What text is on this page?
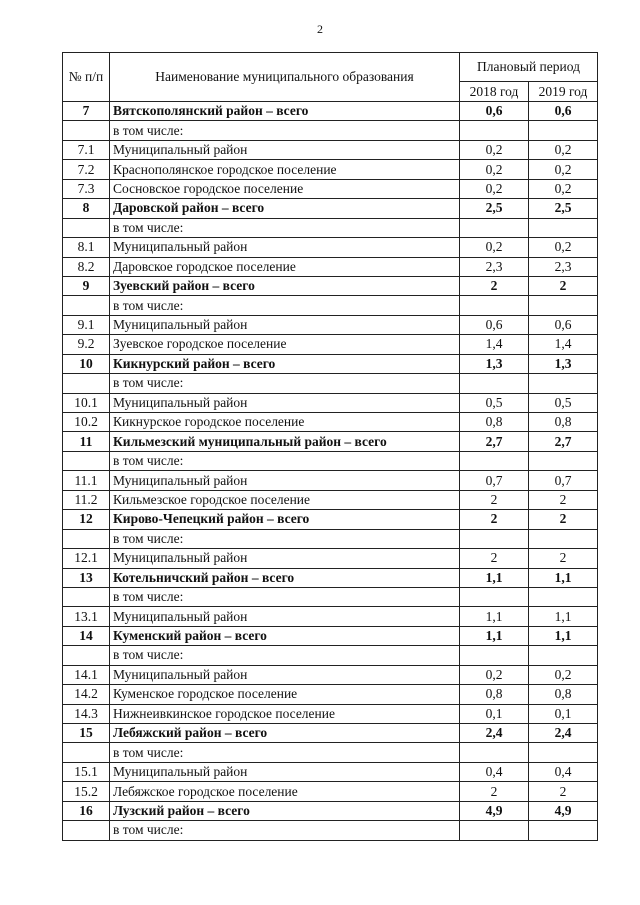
2
№ п/п	Наименование муниципального образования	Плановый период	
		2018 год	2019 год
7	Вятскополянский район – всего	0,6	0,6
	в том числе:		
7.1	Муниципальный район	0,2	0,2
7.2	Краснополянское городское поселение	0,2	0,2
7.3	Сосновское городское поселение	0,2	0,2
8	Даровской район – всего	2,5	2,5
	в том числе:		
8.1	Муниципальный район	0,2	0,2
8.2	Даровское городское поселение	2,3	2,3
9	Зуевский район – всего	2	2
	в том числе:		
9.1	Муниципальный район	0,6	0,6
9.2	Зуевское городское поселение	1,4	1,4
10	Кикнурский район – всего	1,3	1,3
	в том числе:		
10.1	Муниципальный район	0,5	0,5
10.2	Кикнурское городское поселение	0,8	0,8
11	Кильмезский муниципальный район – всего	2,7	2,7
	в том числе:		
11.1	Муниципальный район	0,7	0,7
11.2	Кильмезское городское поселение	2	2
12	Кирово-Чепецкий район – всего	2	2
	в том числе:		
12.1	Муниципальный район	2	2
13	Котельничский район – всего	1,1	1,1
	в том числе:		
13.1	Муниципальный район	1,1	1,1
14	Куменский район – всего	1,1	1,1
	в том числе:		
14.1	Муниципальный район	0,2	0,2
14.2	Куменское городское поселение	0,8	0,8
14.3	Нижнеивкинское городское поселение	0,1	0,1
15	Лебяжский район – всего	2,4	2,4
	в том числе:		
15.1	Муниципальный район	0,4	0,4
15.2	Лебяжское городское поселение	2	2
16	Лузский район – всего	4,9	4,9
	в том числе:		
